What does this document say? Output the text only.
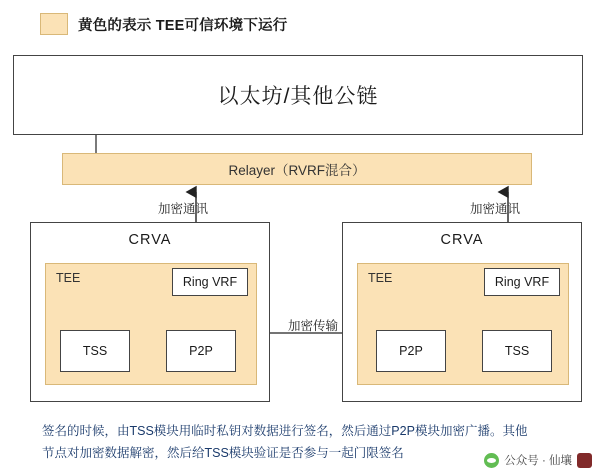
黄色的表示 TEE可信环境下运行
以太坊/其他公链
Relayer（RVRF混合）
加密通讯	加密通讯
加密传输
CRVA
TEE	Ring VRF
TSS	P2P
CRVA
TEE	Ring VRF
P2P	TSS
签名的时候，由TSS模块用临时私钥对数据进行签名，然后通过P2P模块加密广播。其他
节点对加密数据解密，然后给TSS模块验证是否参与一起门限签名
公众号 · 仙壤
